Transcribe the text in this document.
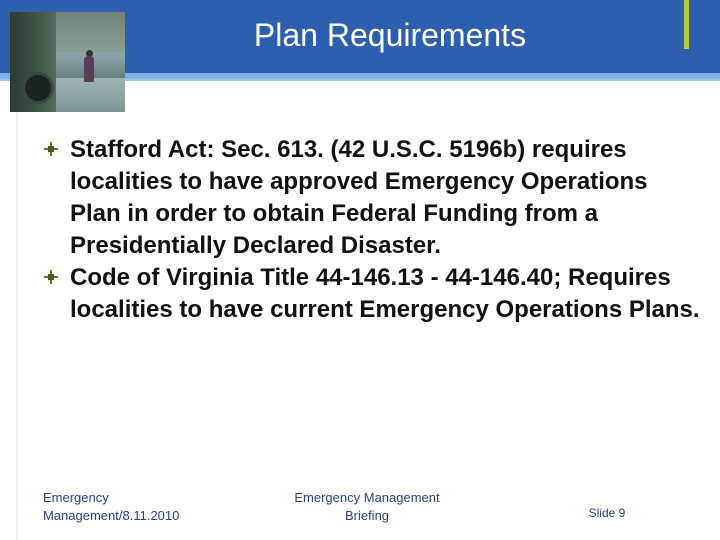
Plan Requirements
Stafford Act: Sec. 613. (42 U.S.C. 5196b) requires localities to have approved Emergency Operations Plan in order to obtain Federal Funding from a Presidentially Declared Disaster.
Code of Virginia Title 44-146.13 - 44-146.40; Requires localities to have current Emergency Operations Plans.
Emergency
Management/8.11.2010
Emergency Management
Briefing	Slide 9
